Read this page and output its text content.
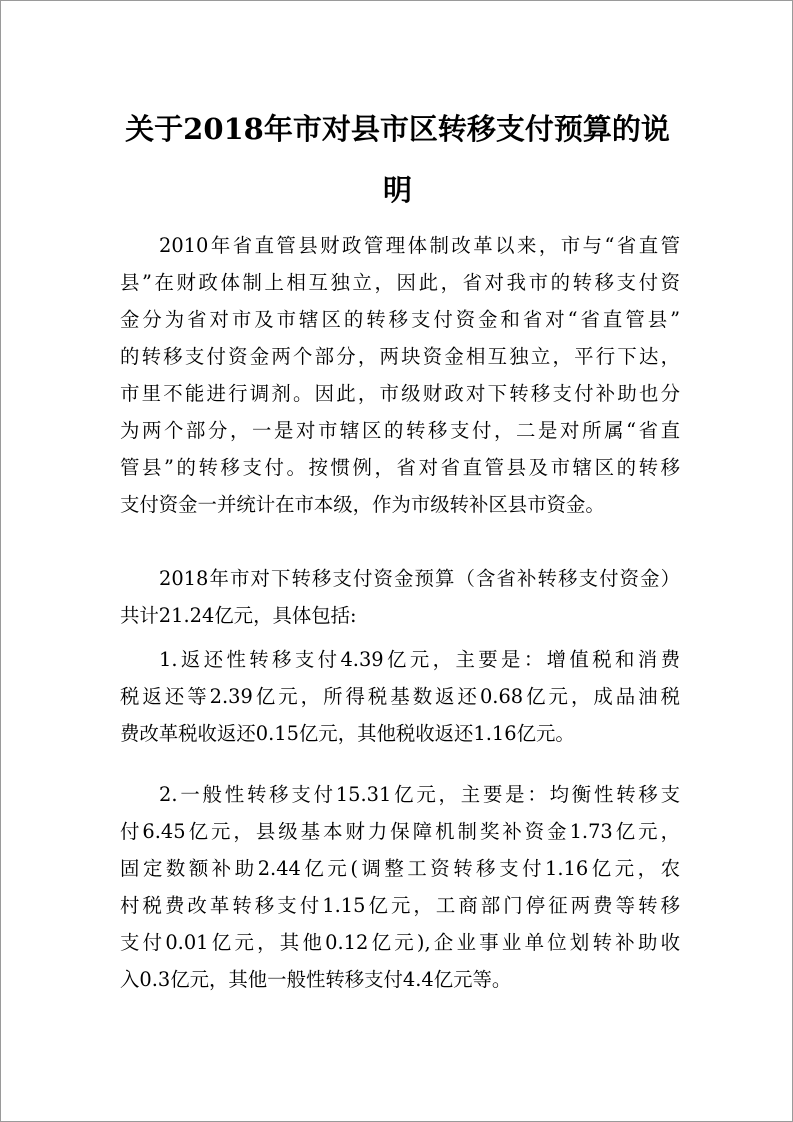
关于2018年市对县市区转移支付预算的说
明
2010年省直管县财政管理体制改革以来，市与“省直管
县”在财政体制上相互独立，因此，省对我市的转移支付资
金分为省对市及市辖区的转移支付资金和省对“省直管县”
的转移支付资金两个部分，两块资金相互独立，平行下达，
市里不能进行调剂。因此，市级财政对下转移支付补助也分
为两个部分，一是对市辖区的转移支付，二是对所属“省直
管县”的转移支付。按惯例，省对省直管县及市辖区的转移
支付资金一并统计在市本级，作为市级转补区县市资金。
2018年市对下转移支付资金预算（含省补转移支付资金）
共计21.24亿元，具体包括:
1.返还性转移支付4.39亿元，主要是：增值税和消费
税返还等2.39亿元，所得税基数返还0.68亿元，成品油税
费改革税收返还0.15亿元，其他税收返还1.16亿元。
2.一般性转移支付15.31亿元，主要是：均衡性转移支
付6.45亿元，县级基本财力保障机制奖补资金1.73亿元，
固定数额补助2.44亿元(调整工资转移支付1.16亿元，农
村税费改革转移支付1.15亿元，工商部门停征两费等转移
支付0.01亿元，其他0.12亿元),企业事业单位划转补助收
入0.3亿元，其他一般性转移支付4.4亿元等。
